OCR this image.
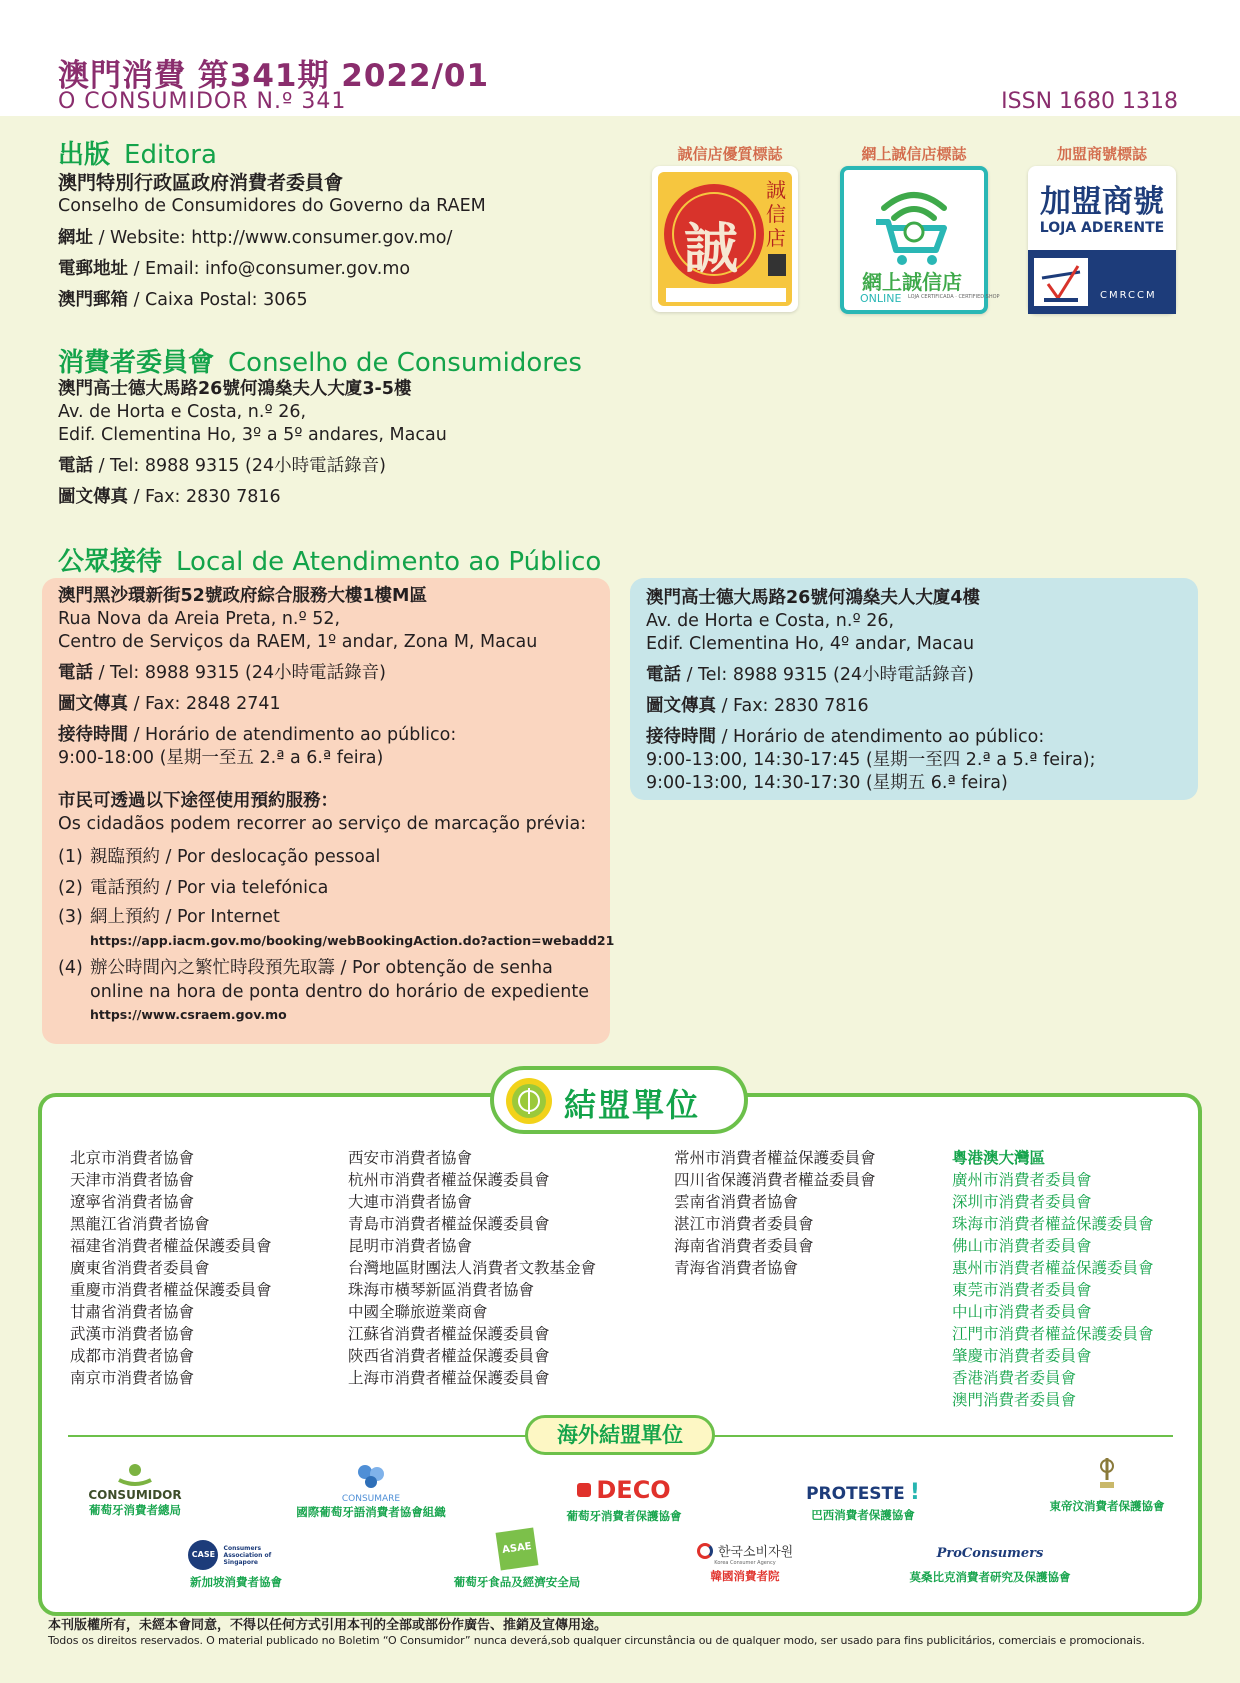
澳門消費 第341期 2022/01
O CONSUMIDOR N.º 341	ISSN 1680 1318
出版 Editora
澳門特別行政區政府消費者委員會
Conselho de Consumidores do Governo da RAEM
網址 / Website: http://www.consumer.gov.mo/
電郵地址 / Email: info@consumer.gov.mo
澳門郵箱 / Caixa Postal: 3065
誠信店優質標誌	網上誠信店標誌	加盟商號標誌
誠
誠信店
網上誠信店
ONLINE LOJA CERTIFICADA · CERTIFIED SHOP
加盟商號
LOJA ADERENTE
CMRCCM
消費者委員會 Conselho de Consumidores
澳門高士德大馬路26號何鴻燊夫人大廈3-5樓
Av. de Horta e Costa, n.º 26,
Edif. Clementina Ho, 3º a 5º andares, Macau
電話 / Tel: 8988 9315 (24小時電話錄音)
圖文傳真 / Fax: 2830 7816
公眾接待 Local de Atendimento ao Público
澳門黑沙環新街52號政府綜合服務大樓1樓M區
Rua Nova da Areia Preta, n.º 52,
Centro de Serviços da RAEM, 1º andar, Zona M, Macau
電話 / Tel: 8988 9315 (24小時電話錄音)
圖文傳真 / Fax: 2848 2741
接待時間 / Horário de atendimento ao público:
9:00-18:00 (星期一至五 2.ª a 6.ª feira)
市民可透過以下途徑使用預約服務：
Os cidadãos podem recorrer ao serviço de marcação prévia:
(1) 親臨預約 / Por deslocação pessoal
(2) 電話預約 / Por via telefónica
(3) 網上預約 / Por Internet
https://app.iacm.gov.mo/booking/webBookingAction.do?action=webadd21
(4) 辦公時間內之繁忙時段預先取籌 / Por obtenção de senha
online na hora de ponta dentro do horário de expediente
https://www.csraem.gov.mo
澳門高士德大馬路26號何鴻燊夫人大廈4樓
Av. de Horta e Costa, n.º 26,
Edif. Clementina Ho, 4º andar, Macau
電話 / Tel: 8988 9315 (24小時電話錄音)
圖文傳真 / Fax: 2830 7816
接待時間 / Horário de atendimento ao público:
9:00-13:00, 14:30-17:45 (星期一至四 2.ª a 5.ª feira);
9:00-13:00, 14:30-17:30 (星期五 6.ª feira)
結盟單位
北京市消費者協會
天津市消費者協會
遼寧省消費者協會
黑龍江省消費者協會
福建省消費者權益保護委員會
廣東省消費者委員會
重慶市消費者權益保護委員會
甘肅省消費者協會
武漢市消費者協會
成都市消費者協會
南京市消費者協會
西安市消費者協會
杭州市消費者權益保護委員會
大連市消費者協會
青島市消費者權益保護委員會
昆明市消費者協會
台灣地區財團法人消費者文教基金會
珠海市橫琴新區消費者協會
中國全聯旅遊業商會
江蘇省消費者權益保護委員會
陝西省消費者權益保護委員會
上海市消費者權益保護委員會
常州市消費者權益保護委員會
四川省保護消費者權益委員會
雲南省消費者協會
湛江市消費者委員會
海南省消費者委員會
青海省消費者協會
粵港澳大灣區
廣州市消費者委員會
深圳市消費者委員會
珠海市消費者權益保護委員會
佛山市消費者委員會
惠州市消費者權益保護委員會
東莞市消費者委員會
中山市消費者委員會
江門市消費者權益保護委員會
肇慶市消費者委員會
香港消費者委員會
澳門消費者委員會
海外結盟單位
CONSUMIDOR
葡萄牙消費者總局
CONSUMARE
國際葡萄牙語消費者協會組織
DECO
葡萄牙消費者保護協會
PROTESTE !
巴西消費者保護協會
東帝汶消費者保護協會
CASE Consumers Association of Singapore
新加坡消費者協會
ASAE
葡萄牙食品及經濟安全局
한국소비자원
Korea Consumer Agency
韓國消費者院
ProConsumers
莫桑比克消費者研究及保護協會
本刊版權所有，未經本會同意，不得以任何方式引用本刊的全部或部份作廣告、推銷及宣傳用途。
Todos os direitos reservados. O material publicado no Boletim “O Consumidor” nunca deverá,sob qualquer circunstância ou de qualquer modo, ser usado para fins publicitários, comerciais e promocionais.
